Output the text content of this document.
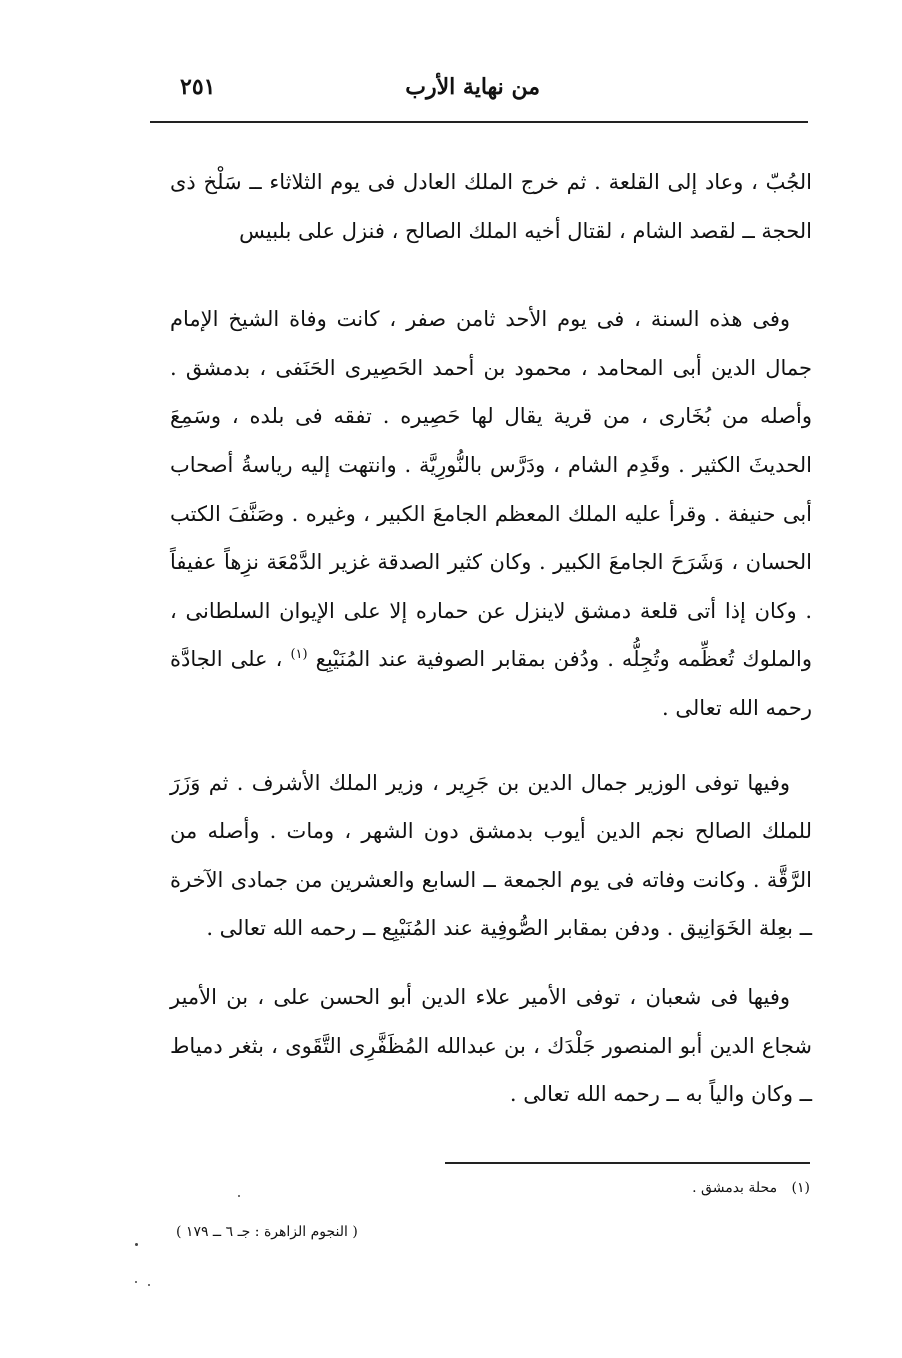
من نهاية الأرب
٢٥١

الجُبّ ، وعاد إلى القلعة . ثم خرج الملك العادل فى يوم الثلاثاء ــ سَلْخ ذى الحجة ــ لقصد الشام ، لقتال أخيه الملك الصالح ، فنزل على بلبيس

وفى هذه السنة ، فى يوم الأحد ثامن صفر ، كانت وفاة الشيخ الإمام جمال الدين أبى المحامد ، محمود بن أحمد الحَصِيرى الحَنَفى ، بدمشق . وأصله من بُخَارى ، من قرية يقال لها حَصِيره . تفقه فى بلده ، وسَمِعَ الحديثَ الكثير . وقَدِم الشام ، ودَرَّس بالنُّورِيَّة . وانتهت إليه رياسةُ أصحاب أبى حنيفة . وقرأ عليه الملك المعظم الجامعَ الكبير ، وغيره . وصَنَّفَ الكتب الحسان ، وَشَرَحَ الجامعَ الكبير . وكان كثير الصدقة غزير الدَّمْعَة نزِهاً عفيفاً . وكان إذا أتى قلعة دمشق لاينزل عن حماره إلا على الإيوان السلطانى ، والملوك تُعظِّمه وتُجِلُّه . ودُفن بمقابر الصوفية عند المُنَيْبِع $^{(١)}$ ، على الجادَّة رحمه الله تعالى .

وفيها توفى الوزير جمال الدين بن جَرِير ، وزير الملك الأشرف . ثم وَزَرَ للملك الصالح نجم الدين أيوب بدمشق دون الشهر ، ومات . وأصله من الرَّقَّة . وكانت وفاته فى يوم الجمعة ــ السابع والعشرين من جمادى الآخرة ــ بعِلة الخَوَانِيق . ودفن بمقابر الصُّوفِية عند المُنَيْبِع ــ رحمه الله تعالى .

وفيها فى شعبان ، توفى الأمير علاء الدين أبو الحسن على ، بن الأمير شجاع الدين أبو المنصور جَلْدَك ، بن عبدالله المُظَفَّرِى التَّقَوى ، بثغر دمياط ــ وكان والياً به ــ رحمه الله تعالى .

(١) محلة بدمشق .
( النجوم الزاهرة : جـ ٦ ــ ١٧٩ )
